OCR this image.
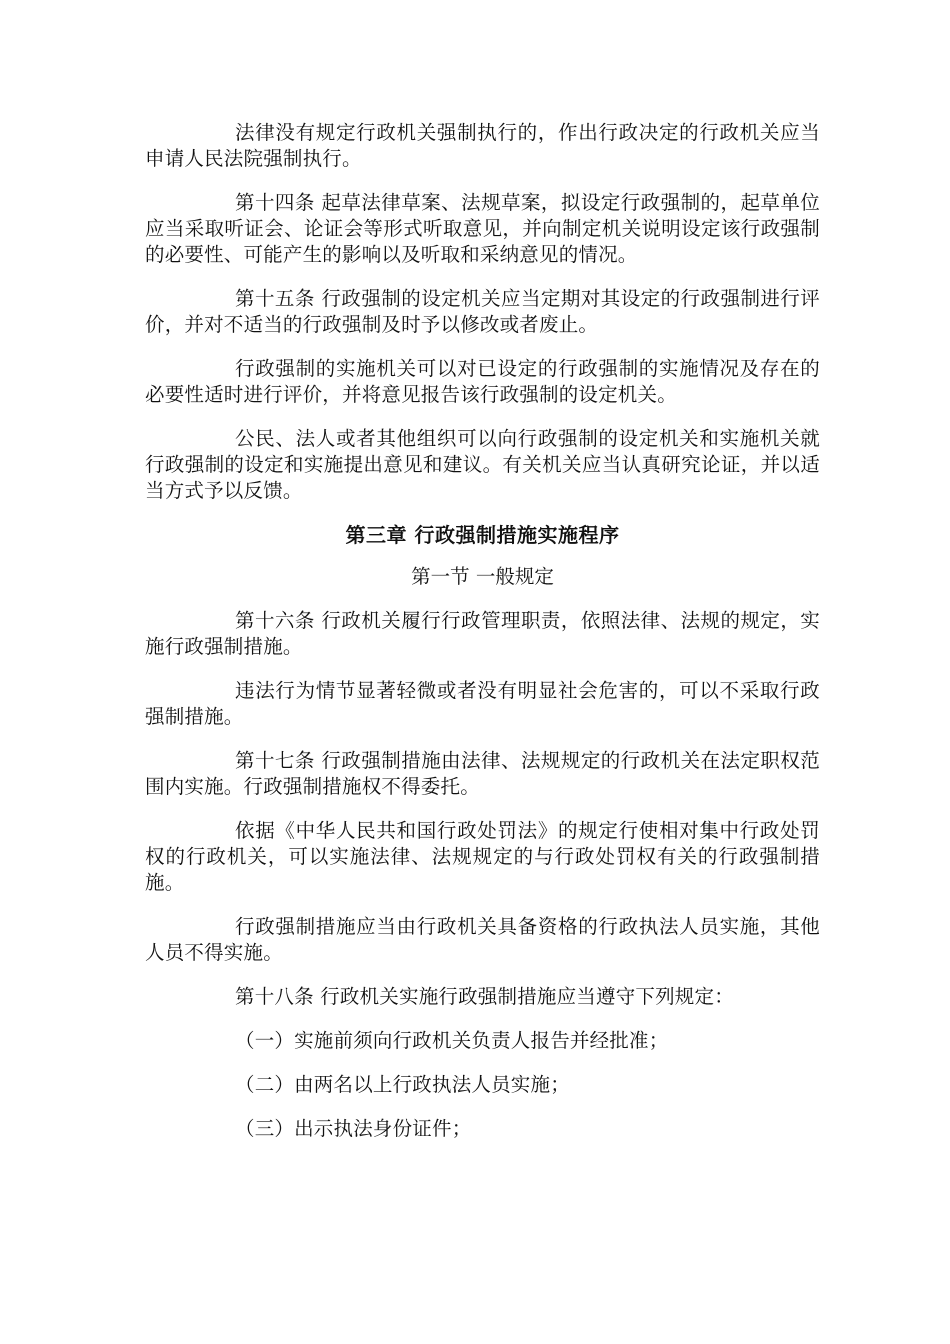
法律没有规定行政机关强制执行的，作出行政决定的行政机关应当申请人民法院强制执行。

第十四条 起草法律草案、法规草案，拟设定行政强制的，起草单位应当采取听证会、论证会等形式听取意见，并向制定机关说明设定该行政强制的必要性、可能产生的影响以及听取和采纳意见的情况。

第十五条 行政强制的设定机关应当定期对其设定的行政强制进行评价，并对不适当的行政强制及时予以修改或者废止。

行政强制的实施机关可以对已设定的行政强制的实施情况及存在的必要性适时进行评价，并将意见报告该行政强制的设定机关。

公民、法人或者其他组织可以向行政强制的设定机关和实施机关就行政强制的设定和实施提出意见和建议。有关机关应当认真研究论证，并以适当方式予以反馈。

第三章 行政强制措施实施程序
第一节 一般规定

第十六条 行政机关履行行政管理职责，依照法律、法规的规定，实施行政强制措施。

违法行为情节显著轻微或者没有明显社会危害的，可以不采取行政强制措施。

第十七条 行政强制措施由法律、法规规定的行政机关在法定职权范围内实施。行政强制措施权不得委托。

依据《中华人民共和国行政处罚法》的规定行使相对集中行政处罚权的行政机关，可以实施法律、法规规定的与行政处罚权有关的行政强制措施。

行政强制措施应当由行政机关具备资格的行政执法人员实施，其他人员不得实施。

第十八条 行政机关实施行政强制措施应当遵守下列规定：

（一）实施前须向行政机关负责人报告并经批准；

（二）由两名以上行政执法人员实施；

（三）出示执法身份证件；
